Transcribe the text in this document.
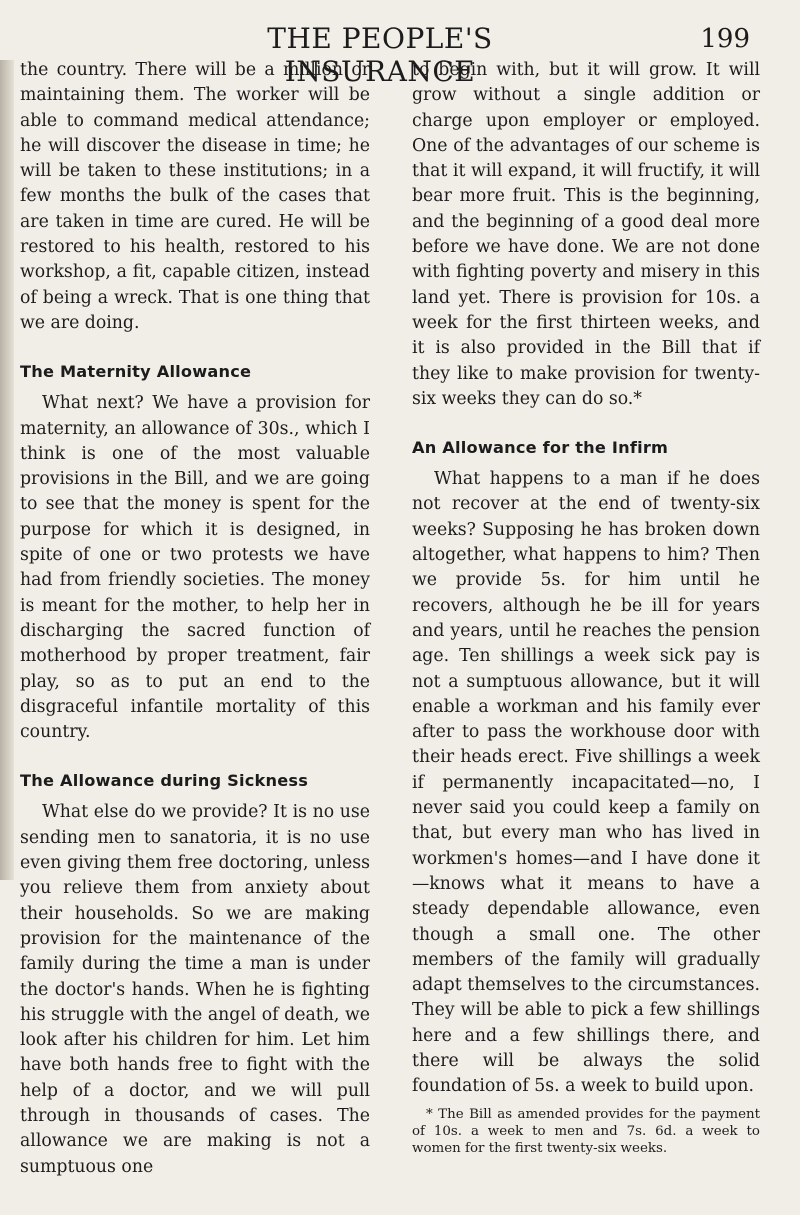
THE PEOPLE'S INSURANCE
199

the country. There will be a million or maintaining them. The worker will be able to command medical attendance; he will discover the disease in time; he will be taken to these institutions; in a few months the bulk of the cases that are taken in time are cured. He will be restored to his health, restored to his workshop, a fit, capable citizen, instead of being a wreck. That is one thing that we are doing.

The Maternity Allowance

What next? We have a provision for maternity, an allowance of 30s., which I think is one of the most valuable provisions in the Bill, and we are going to see that the money is spent for the purpose for which it is designed, in spite of one or two protests we have had from friendly societies. The money is meant for the mother, to help her in discharging the sacred function of motherhood by proper treatment, fair play, so as to put an end to the disgraceful infantile mortality of this country.

The Allowance during Sickness

What else do we provide? It is no use sending men to sanatoria, it is no use even giving them free doctoring, unless you relieve them from anxiety about their households. So we are making provision for the maintenance of the family during the time a man is under the doctor's hands. When he is fighting his struggle with the angel of death, we look after his children for him. Let him have both hands free to fight with the help of a doctor, and we will pull through in thousands of cases. The allowance we are making is not a sumptuous one

to begin with, but it will grow. It will grow without a single addition or charge upon employer or employed. One of the advantages of our scheme is that it will expand, it will fructify, it will bear more fruit. This is the beginning, and the beginning of a good deal more before we have done. We are not done with fighting poverty and misery in this land yet. There is provision for 10s. a week for the first thirteen weeks, and it is also provided in the Bill that if they like to make provision for twenty-six weeks they can do so.*

An Allowance for the Infirm

What happens to a man if he does not recover at the end of twenty-six weeks? Supposing he has broken down altogether, what happens to him? Then we provide 5s. for him until he recovers, although he be ill for years and years, until he reaches the pension age. Ten shillings a week sick pay is not a sumptuous allowance, but it will enable a workman and his family ever after to pass the workhouse door with their heads erect. Five shillings a week if permanently incapacitated—no, I never said you could keep a family on that, but every man who has lived in workmen's homes—and I have done it—knows what it means to have a steady dependable allowance, even though a small one. The other members of the family will gradually adapt themselves to the circumstances. They will be able to pick a few shillings here and a few shillings there, and there will be always the solid foundation of 5s. a week to build upon.

* The Bill as amended provides for the payment of 10s. a week to men and 7s. 6d. a week to women for the first twenty-six weeks.
